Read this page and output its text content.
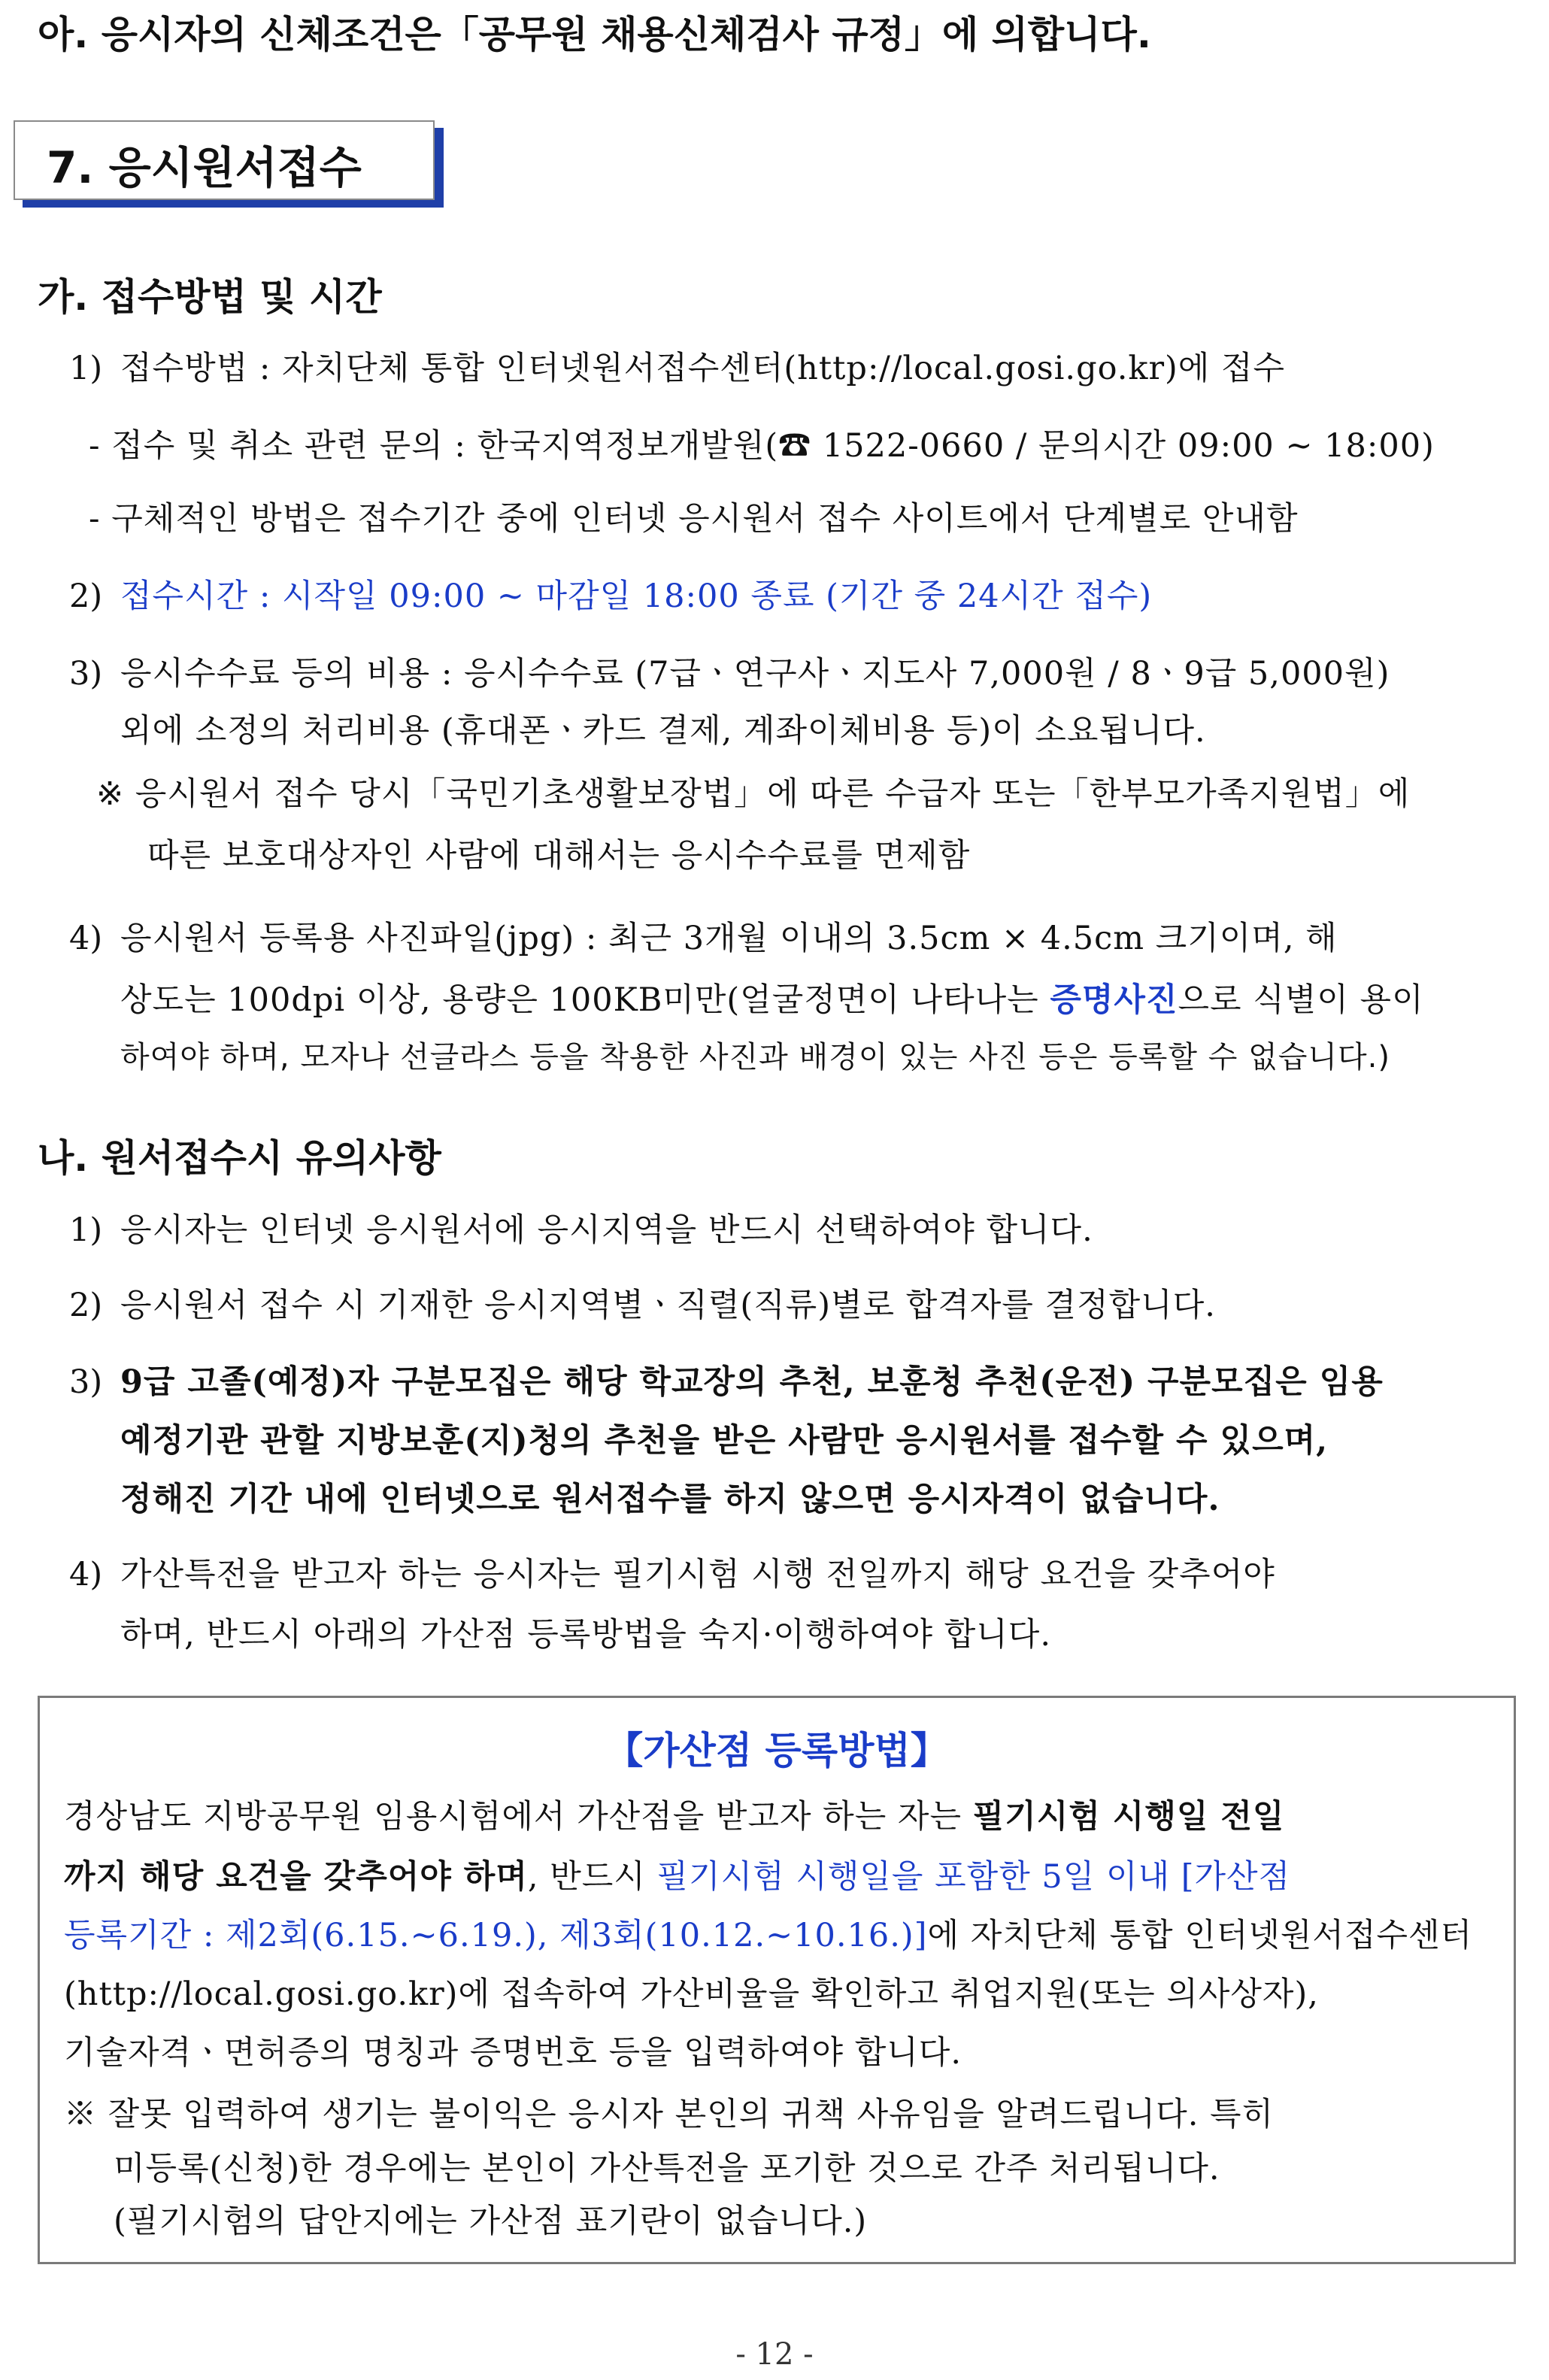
아. 응시자의 신체조건은「공무원 채용신체검사 규정」에 의합니다.
7. 응시원서접수
가. 접수방법 및 시간
1) 접수방법 : 자치단체 통합 인터넷원서접수센터(http://local.gosi.go.kr)에 접수
- 접수 및 취소 관련 문의 : 한국지역정보개발원(☎ 1522-0660 / 문의시간 09:00 ~ 18:00)
- 구체적인 방법은 접수기간 중에 인터넷 응시원서 접수 사이트에서 단계별로 안내함
2) 접수시간 : 시작일 09:00 ~ 마감일 18:00 종료 (기간 중 24시간 접수)
3) 응시수수료 등의 비용 : 응시수수료 (7급ㆍ연구사ㆍ지도사 7,000원 / 8ㆍ9급 5,000원)
외에 소정의 처리비용 (휴대폰ㆍ카드 결제, 계좌이체비용 등)이 소요됩니다.
※ 응시원서 접수 당시「국민기초생활보장법」에 따른 수급자 또는「한부모가족지원법」에
따른 보호대상자인 사람에 대해서는 응시수수료를 면제함
4) 응시원서 등록용 사진파일(jpg) : 최근 3개월 이내의 3.5cm × 4.5cm 크기이며, 해
상도는 100dpi 이상, 용량은 100KB미만(얼굴정면이 나타나는 증명사진으로 식별이 용이
하여야 하며, 모자나 선글라스 등을 착용한 사진과 배경이 있는 사진 등은 등록할 수 없습니다.)
나. 원서접수시 유의사항
1) 응시자는 인터넷 응시원서에 응시지역을 반드시 선택하여야 합니다.
2) 응시원서 접수 시 기재한 응시지역별ㆍ직렬(직류)별로 합격자를 결정합니다.
3) 9급 고졸(예정)자 구분모집은 해당 학교장의 추천, 보훈청 추천(운전) 구분모집은 임용
예정기관 관할 지방보훈(지)청의 추천을 받은 사람만 응시원서를 접수할 수 있으며,
정해진 기간 내에 인터넷으로 원서접수를 하지 않으면 응시자격이 없습니다.
4) 가산특전을 받고자 하는 응시자는 필기시험 시행 전일까지 해당 요건을 갖추어야
하며, 반드시 아래의 가산점 등록방법을 숙지·이행하여야 합니다.
【가산점 등록방법】
경상남도 지방공무원 임용시험에서 가산점을 받고자 하는 자는 필기시험 시행일 전일
까지 해당 요건을 갖추어야 하며, 반드시 필기시험 시행일을 포함한 5일 이내 [가산점
등록기간 : 제2회(6.15.~6.19.), 제3회(10.12.~10.16.)]에 자치단체 통합 인터넷원서접수센터
(http://local.gosi.go.kr)에 접속하여 가산비율을 확인하고 취업지원(또는 의사상자),
기술자격ㆍ면허증의 명칭과 증명번호 등을 입력하여야 합니다.
※ 잘못 입력하여 생기는 불이익은 응시자 본인의 귀책 사유임을 알려드립니다. 특히
미등록(신청)한 경우에는 본인이 가산특전을 포기한 것으로 간주 처리됩니다.
(필기시험의 답안지에는 가산점 표기란이 없습니다.)
- 12 -
